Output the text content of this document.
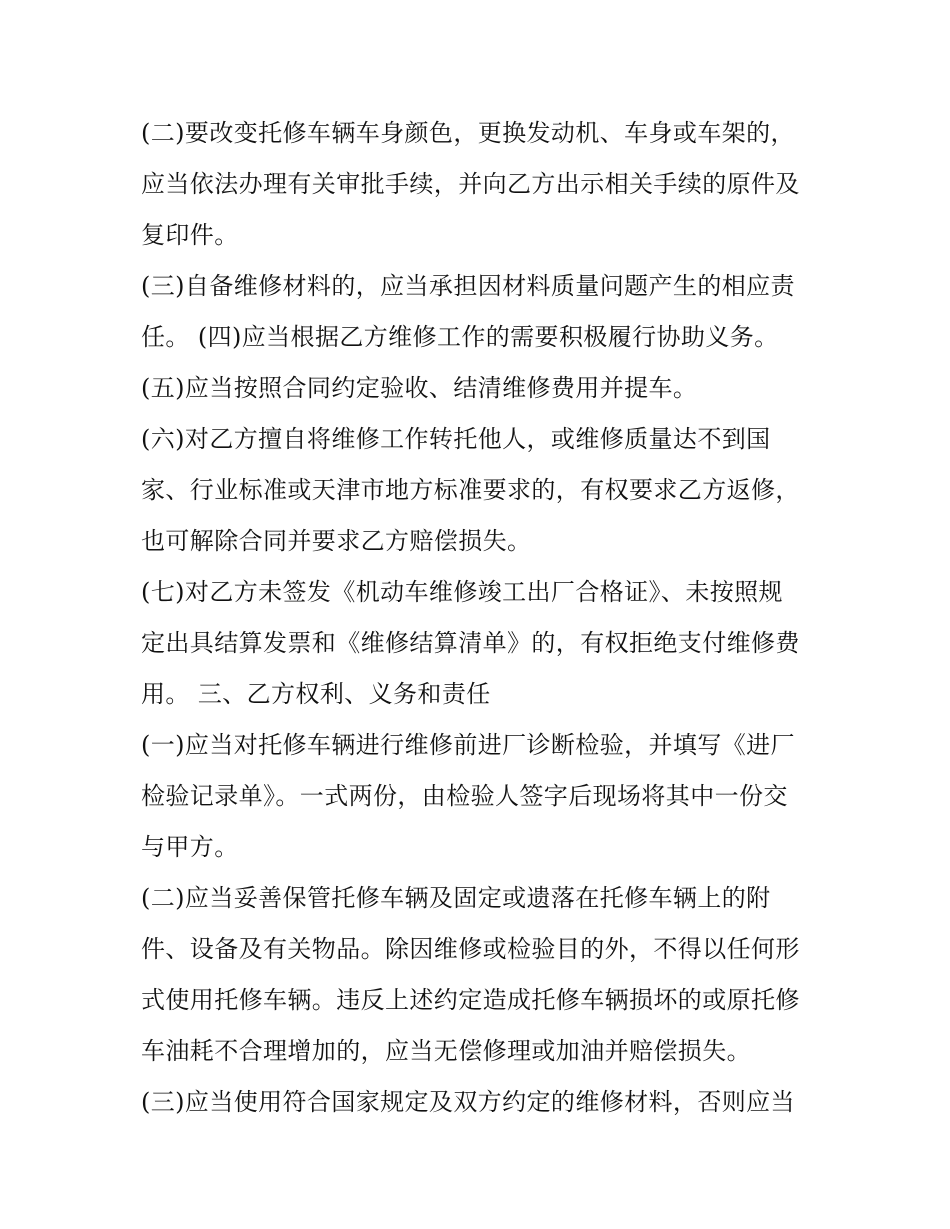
(二)要改变托修车辆车身颜色，更换发动机、车身或车架的，
应当依法办理有关审批手续，并向乙方出示相关手续的原件及
复印件。
(三)自备维修材料的，应当承担因材料质量问题产生的相应责
任。 (四)应当根据乙方维修工作的需要积极履行协助义务。
(五)应当按照合同约定验收、结清维修费用并提车。
(六)对乙方擅自将维修工作转托他人，或维修质量达不到国
家、行业标准或天津市地方标准要求的，有权要求乙方返修，
也可解除合同并要求乙方赔偿损失。
(七)对乙方未签发《机动车维修竣工出厂合格证》、未按照规
定出具结算发票和《维修结算清单》的，有权拒绝支付维修费
用。 三、乙方权利、义务和责任
(一)应当对托修车辆进行维修前进厂诊断检验，并填写《进厂
检验记录单》。一式两份，由检验人签字后现场将其中一份交
与甲方。
(二)应当妥善保管托修车辆及固定或遗落在托修车辆上的附
件、设备及有关物品。除因维修或检验目的外，不得以任何形
式使用托修车辆。违反上述约定造成托修车辆损坏的或原托修
车油耗不合理增加的，应当无偿修理或加油并赔偿损失。
(三)应当使用符合国家规定及双方约定的维修材料，否则应当
